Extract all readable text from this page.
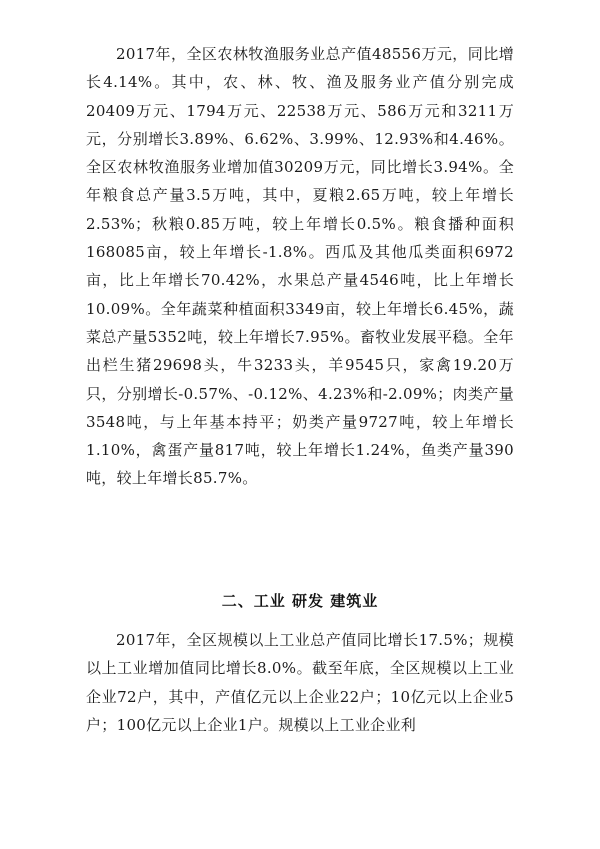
2017年，全区农林牧渔服务业总产值48556万元，同比增长4.14%。其中，农、林、牧、渔及服务业产值分别完成20409万元、1794万元、22538万元、586万元和3211万元，分别增长3.89%、6.62%、3.99%、12.93%和4.46%。全区农林牧渔服务业增加值30209万元，同比增长3.94%。全年粮食总产量3.5万吨，其中，夏粮2.65万吨，较上年增长2.53%；秋粮0.85万吨，较上年增长0.5%。粮食播种面积168085亩，较上年增长-1.8%。西瓜及其他瓜类面积6972亩，比上年增长70.42%，水果总产量4546吨，比上年增长10.09%。全年蔬菜种植面积3349亩，较上年增长6.45%，蔬菜总产量5352吨，较上年增长7.95%。畜牧业发展平稳。全年出栏生猪29698头，牛3233头，羊9545只，家禽19.20万只，分别增长-0.57%、-0.12%、4.23%和-2.09%；肉类产量3548吨，与上年基本持平；奶类产量9727吨，较上年增长1.10%，禽蛋产量817吨，较上年增长1.24%，鱼类产量390吨，较上年增长85.7%。

二、工业 研发 建筑业

2017年，全区规模以上工业总产值同比增长17.5%；规模以上工业增加值同比增长8.0%。截至年底，全区规模以上工业企业72户，其中，产值亿元以上企业22户；10亿元以上企业5户；100亿元以上企业1户。规模以上工业企业利
